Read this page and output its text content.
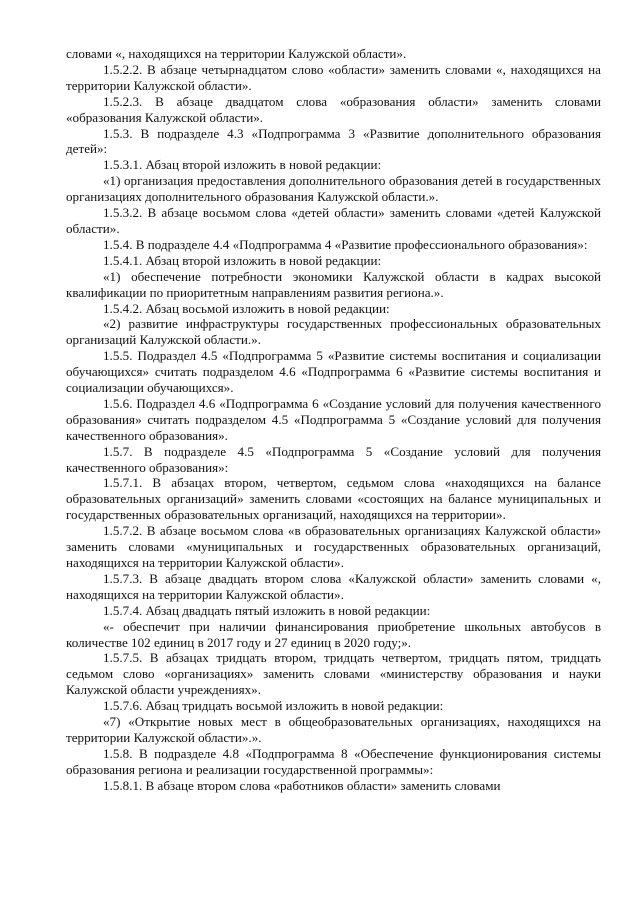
словами «, находящихся на территории Калужской области».

1.5.2.2. В абзаце четырнадцатом слово «области» заменить словами «, находящихся на территории Калужской области».

1.5.2.3. В абзаце двадцатом слова «образования области» заменить словами «образования Калужской области».

1.5.3. В подразделе 4.3 «Подпрограмма 3 «Развитие дополнительного образования детей»:

1.5.3.1. Абзац второй изложить в новой редакции:

«1) организация предоставления дополнительного образования детей в государственных организациях дополнительного образования Калужской области.».

1.5.3.2. В абзаце восьмом слова «детей области» заменить словами «детей Калужской области».

1.5.4. В подразделе 4.4 «Подпрограмма 4 «Развитие профессионального образования»:

1.5.4.1. Абзац второй изложить в новой редакции:

«1) обеспечение потребности экономики Калужской области в кадрах высокой квалификации по приоритетным направлениям развития региона.».

1.5.4.2. Абзац восьмой изложить в новой редакции:

«2) развитие инфраструктуры государственных профессиональных образовательных организаций Калужской области.».

1.5.5. Подраздел 4.5 «Подпрограмма 5 «Развитие системы воспитания и социализации обучающихся» считать подразделом 4.6 «Подпрограмма 6 «Развитие системы воспитания и социализации обучающихся».

1.5.6. Подраздел 4.6 «Подпрограмма 6 «Создание условий для получения качественного образования» считать подразделом 4.5 «Подпрограмма 5 «Создание условий для получения качественного образования».

1.5.7. В подразделе 4.5 «Подпрограмма 5 «Создание условий для получения качественного образования»:

1.5.7.1. В абзацах втором, четвертом, седьмом слова «находящихся на балансе образовательных организаций» заменить словами «состоящих на балансе муниципальных и государственных образовательных организаций, находящихся на территории».

1.5.7.2. В абзаце восьмом слова «в образовательных организациях Калужской области» заменить словами «муниципальных и государственных образовательных организаций, находящихся на территории Калужской области».

1.5.7.3. В абзаце двадцать втором слова «Калужской области» заменить словами «, находящихся на территории Калужской области».

1.5.7.4. Абзац двадцать пятый изложить в новой редакции:

«- обеспечит при наличии финансирования приобретение школьных автобусов в количестве 102 единиц в 2017 году и 27 единиц в 2020 году;».

1.5.7.5. В абзацах тридцать втором, тридцать четвертом, тридцать пятом, тридцать седьмом слово «организациях» заменить словами «министерству образования и науки Калужской области учреждениях».

1.5.7.6. Абзац тридцать восьмой изложить в новой редакции:

«7) «Открытие новых мест в общеобразовательных организациях, находящихся на территории Калужской области».».

1.5.8. В подразделе 4.8 «Подпрограмма 8 «Обеспечение функционирования системы образования региона и реализации государственной программы»:

1.5.8.1. В абзаце втором слова «работников области» заменить словами
